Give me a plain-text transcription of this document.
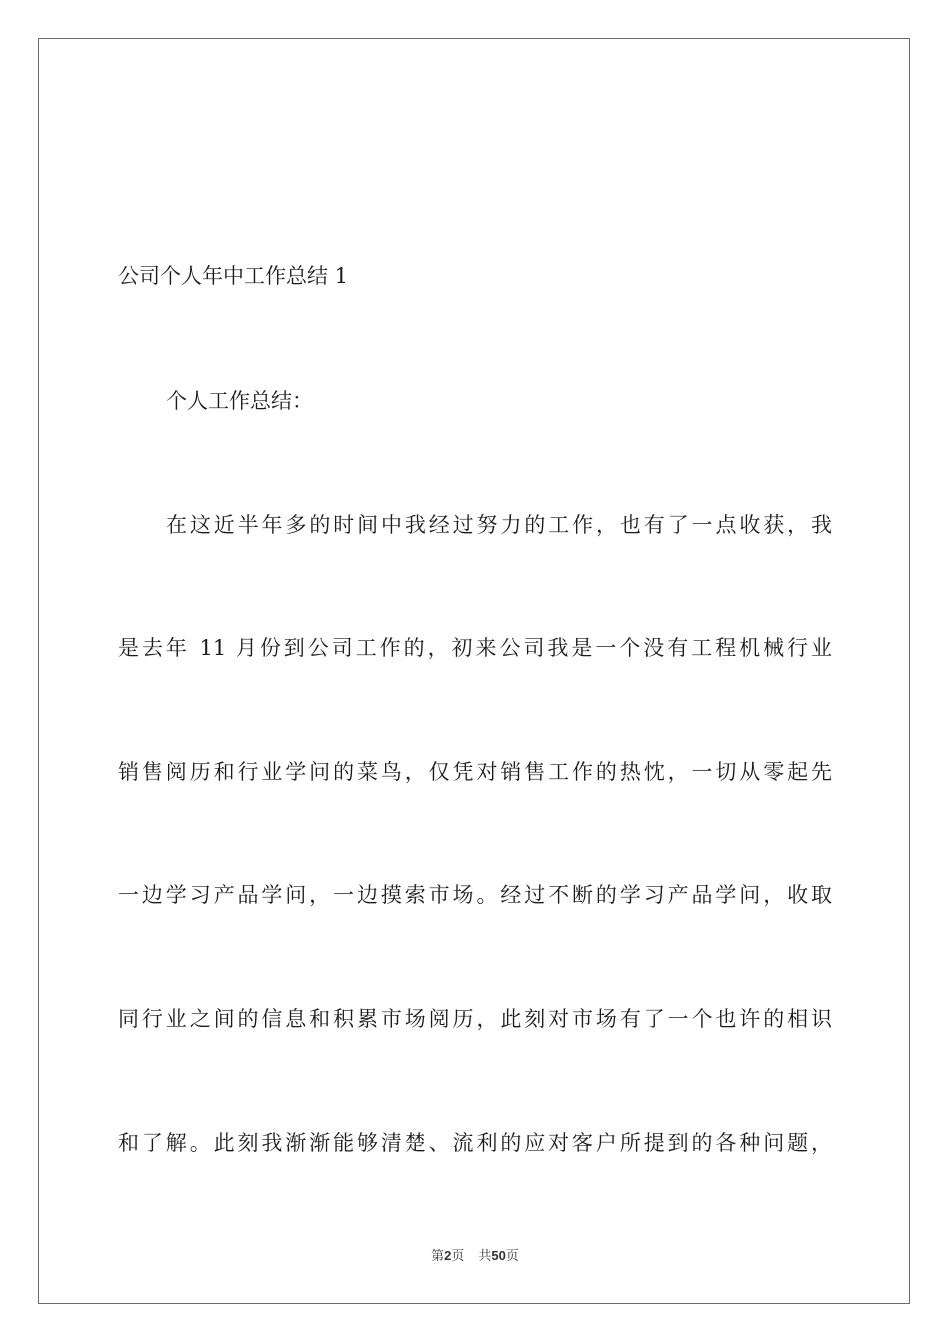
公司个人年中工作总结 1

个人工作总结：

在这近半年多的时间中我经过努力的工作，也有了一点收获，我

是去年 11 月份到公司工作的，初来公司我是一个没有工程机械行业

销售阅历和行业学问的菜鸟，仅凭对销售工作的热忱，一切从零起先

一边学习产品学问，一边摸索市场。经过不断的学习产品学问，收取

同行业之间的信息和积累市场阅历，此刻对市场有了一个也许的相识

和了解。此刻我渐渐能够清楚、流利的应对客户所提到的各种问题，

第2页 共50页
